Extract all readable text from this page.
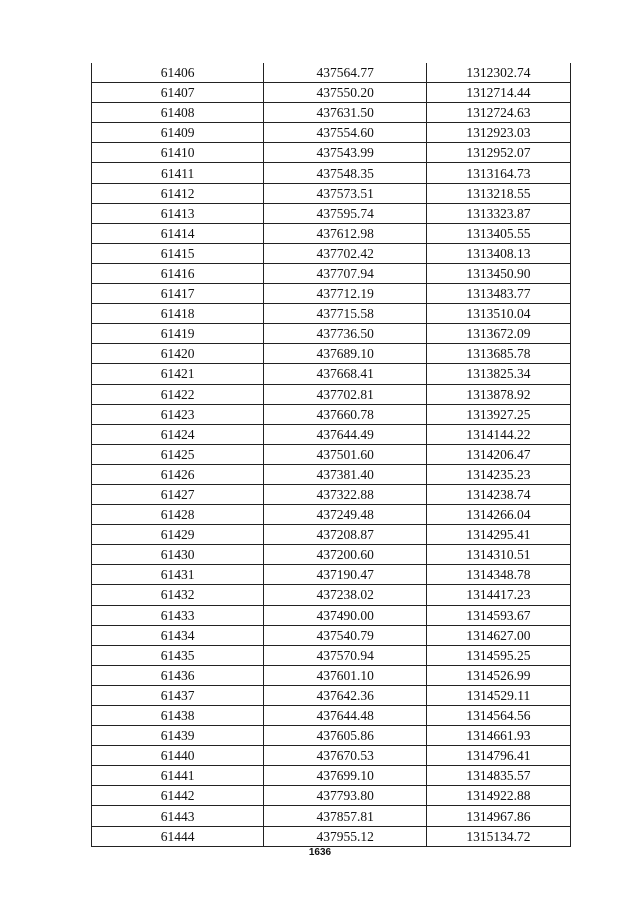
61406	437564.77	1312302.74
61407	437550.20	1312714.44
61408	437631.50	1312724.63
61409	437554.60	1312923.03
61410	437543.99	1312952.07
61411	437548.35	1313164.73
61412	437573.51	1313218.55
61413	437595.74	1313323.87
61414	437612.98	1313405.55
61415	437702.42	1313408.13
61416	437707.94	1313450.90
61417	437712.19	1313483.77
61418	437715.58	1313510.04
61419	437736.50	1313672.09
61420	437689.10	1313685.78
61421	437668.41	1313825.34
61422	437702.81	1313878.92
61423	437660.78	1313927.25
61424	437644.49	1314144.22
61425	437501.60	1314206.47
61426	437381.40	1314235.23
61427	437322.88	1314238.74
61428	437249.48	1314266.04
61429	437208.87	1314295.41
61430	437200.60	1314310.51
61431	437190.47	1314348.78
61432	437238.02	1314417.23
61433	437490.00	1314593.67
61434	437540.79	1314627.00
61435	437570.94	1314595.25
61436	437601.10	1314526.99
61437	437642.36	1314529.11
61438	437644.48	1314564.56
61439	437605.86	1314661.93
61440	437670.53	1314796.41
61441	437699.10	1314835.57
61442	437793.80	1314922.88
61443	437857.81	1314967.86
61444	437955.12	1315134.72
1636
